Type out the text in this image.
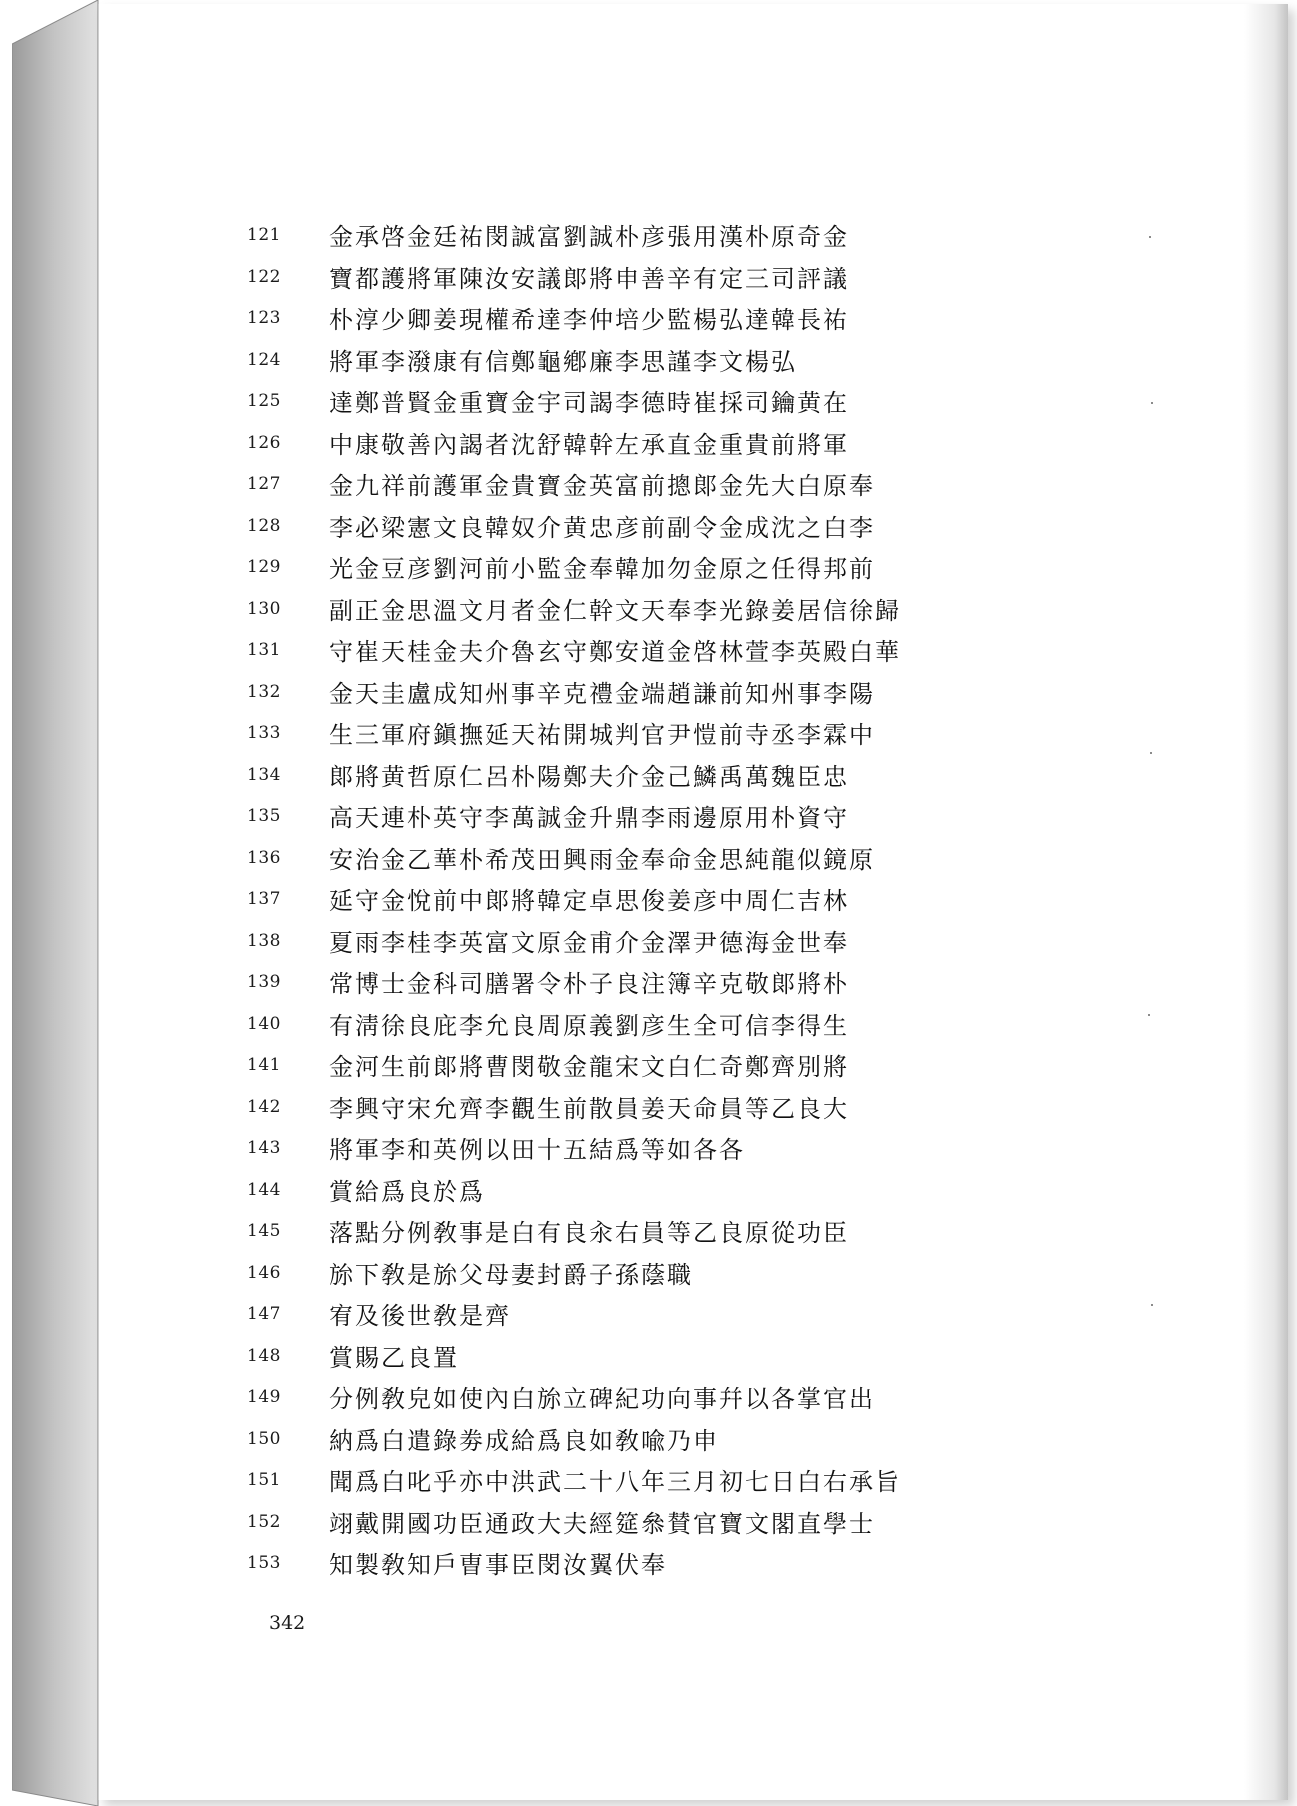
121	金承啓金廷祐閔誠富劉誠朴彦張用漢朴原奇金
122	寶都護將軍陳汝安議郞將申善辛有定三司評議
123	朴淳少卿姜現權希達李仲培少監楊弘達韓長祐
124	將軍李潑康有信鄭龜鄕廉李思謹李文楊弘
125	達鄭普賢金重寶金宇司謁李德時崔採司鑰黄在
126	中康敬善內謁者沈舒韓幹左承直金重貴前將軍
127	金九祥前護軍金貴寶金英富前摠郞金先大白原奉
128	李必梁憲文良韓奴介黄忠彦前副令金成沈之白李
129	光金豆彦劉河前小監金奉韓加勿金原之任得邦前
130	副正金思溫文月者金仁幹文天奉李光錄姜居信徐歸
131	守崔天桂金夫介魯玄守鄭安道金啓林萱李英殿白華
132	金天圭盧成知州事辛克禮金端趙謙前知州事李陽
133	生三軍府鎭撫延天祐開城判官尹愷前寺丞李霖中
134	郞將黄哲原仁呂朴陽鄭夫介金己鱗禹萬魏臣忠
135	高天連朴英守李萬誠金升鼎李雨邊原用朴資守
136	安治金乙華朴希茂田興雨金奉命金思純龍似鏡原
137	延守金悅前中郞將韓定卓思俊姜彦中周仁吉林
138	夏雨李桂李英富文原金甫介金澤尹德海金世奉
139	常博士金科司膳署令朴子良注簿辛克敬郞將朴
140	有淸徐良庇李允良周原義劉彦生全可信李得生
141	金河生前郞將曹閔敬金龍宋文白仁奇鄭齊別將
142	李興守宋允齊李觀生前散員姜天命員等乙良大
143	將軍李和英例以田十五結爲等如各各
144	賞給爲良於爲
145	落點分例敎事是白有良汆右員等乙良原從功臣
146	旀下敎是旀父母妻封爵子孫蔭職
147	宥及後世敎是齊
148	賞賜乙良置
149	分例敎皃如使內白旀立碑紀功向事幷以各掌官出
150	納爲白遣錄劵成給爲良如敎喩乃申
151	聞爲白叱乎亦中洪武二十八年三月初七日白右承旨
152	翊戴開國功臣通政大夫經筵叅賛官寶文閣直學士
153	知製敎知戶曺事臣閔汝翼伏奉
342
